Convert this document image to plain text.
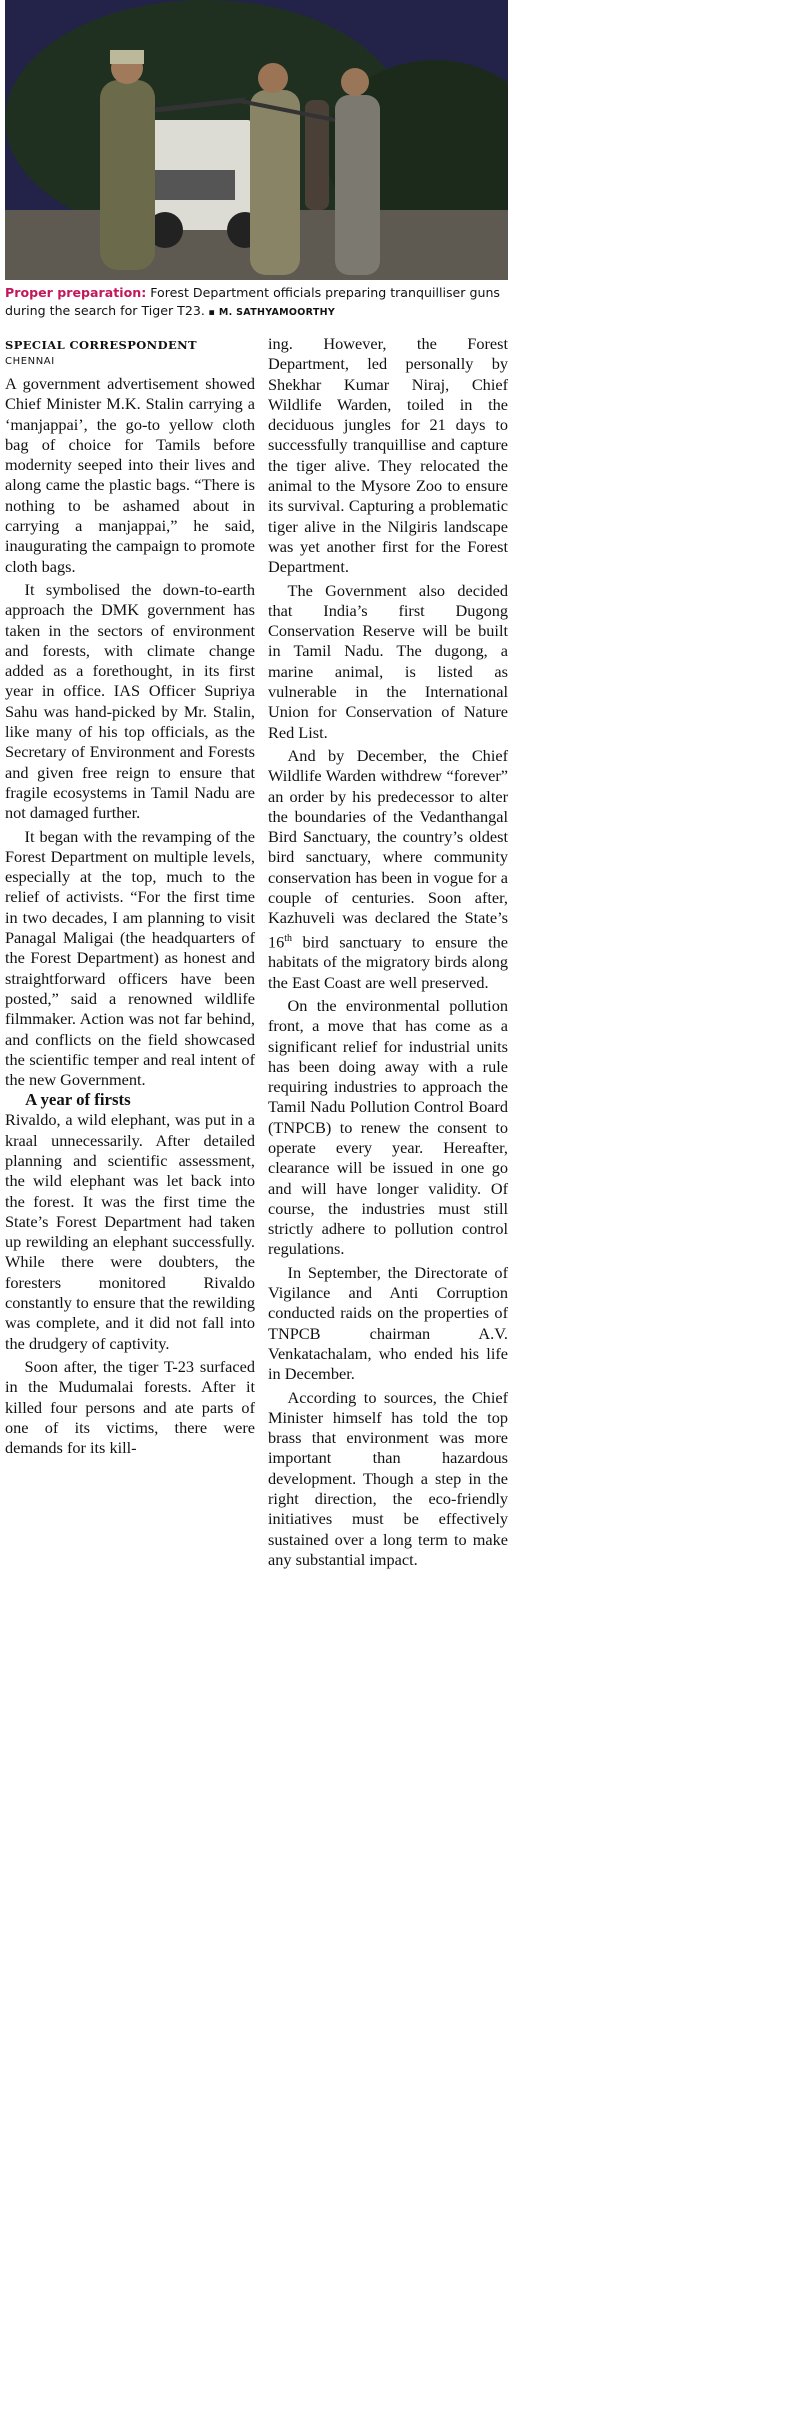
Proper preparation: Forest Department officials preparing tranquilliser guns during the search for Tiger T23. ▪ M. SATHYAMOORTHY
SPECIAL CORRESPONDENT
CHENNAI

A government advertisement showed Chief Minister M.K. Stalin carrying a ‘manjappai’, the go-to yellow cloth bag of choice for Tamils before modernity seeped into their lives and along came the plastic bags. “There is nothing to be ashamed about in carrying a manjappai,” he said, inaugurating the campaign to promote cloth bags.

It symbolised the down-to-earth approach the DMK government has taken in the sectors of environment and forests, with climate change added as a forethought, in its first year in office. IAS Officer Supriya Sahu was hand-picked by Mr. Stalin, like many of his top officials, as the Secretary of Environment and Forests and given free reign to ensure that fragile ecosystems in Tamil Nadu are not damaged further.

It began with the revamping of the Forest Department on multiple levels, especially at the top, much to the relief of activists. “For the first time in two decades, I am planning to visit Panagal Maligai (the headquarters of the Forest Department) as honest and straightforward officers have been posted,” said a renowned wildlife filmmaker. Action was not far behind, and conflicts on the field showcased the scientific temper and real intent of the new Government.

A year of firsts

Rivaldo, a wild elephant, was put in a kraal unnecessarily. After detailed planning and scientific assessment, the wild elephant was let back into the forest. It was the first time the State’s Forest Department had taken up rewilding an elephant successfully. While there were doubters, the foresters monitored Rivaldo constantly to ensure that the rewilding was complete, and it did not fall into the drudgery of captivity.

Soon after, the tiger T-23 surfaced in the Mudumalai forests. After it killed four persons and ate parts of one of its victims, there were demands for its kill-

ing. However, the Forest Department, led personally by Shekhar Kumar Niraj, Chief Wildlife Warden, toiled in the deciduous jungles for 21 days to successfully tranquillise and capture the tiger alive. They relocated the animal to the Mysore Zoo to ensure its survival. Capturing a problematic tiger alive in the Nilgiris landscape was yet another first for the Forest Department.

The Government also decided that India’s first Dugong Conservation Reserve will be built in Tamil Nadu. The dugong, a marine animal, is listed as vulnerable in the International Union for Conservation of Nature Red List.

And by December, the Chief Wildlife Warden withdrew “forever” an order by his predecessor to alter the boundaries of the Vedanthangal Bird Sanctuary, the country’s oldest bird sanctuary, where community conservation has been in vogue for a couple of centuries. Soon after, Kazhuveli was declared the State’s 16th bird sanctuary to ensure the habitats of the migratory birds along the East Coast are well preserved.

On the environmental pollution front, a move that has come as a significant relief for industrial units has been doing away with a rule requiring industries to approach the Tamil Nadu Pollution Control Board (TNPCB) to renew the consent to operate every year. Hereafter, clearance will be issued in one go and will have longer validity. Of course, the industries must still strictly adhere to pollution control regulations.

In September, the Directorate of Vigilance and Anti Corruption conducted raids on the properties of TNPCB chairman A.V. Venkatachalam, who ended his life in December.

According to sources, the Chief Minister himself has told the top brass that environment was more important than hazardous development. Though a step in the right direction, the eco-friendly initiatives must be effectively sustained over a long term to make any substantial impact.
